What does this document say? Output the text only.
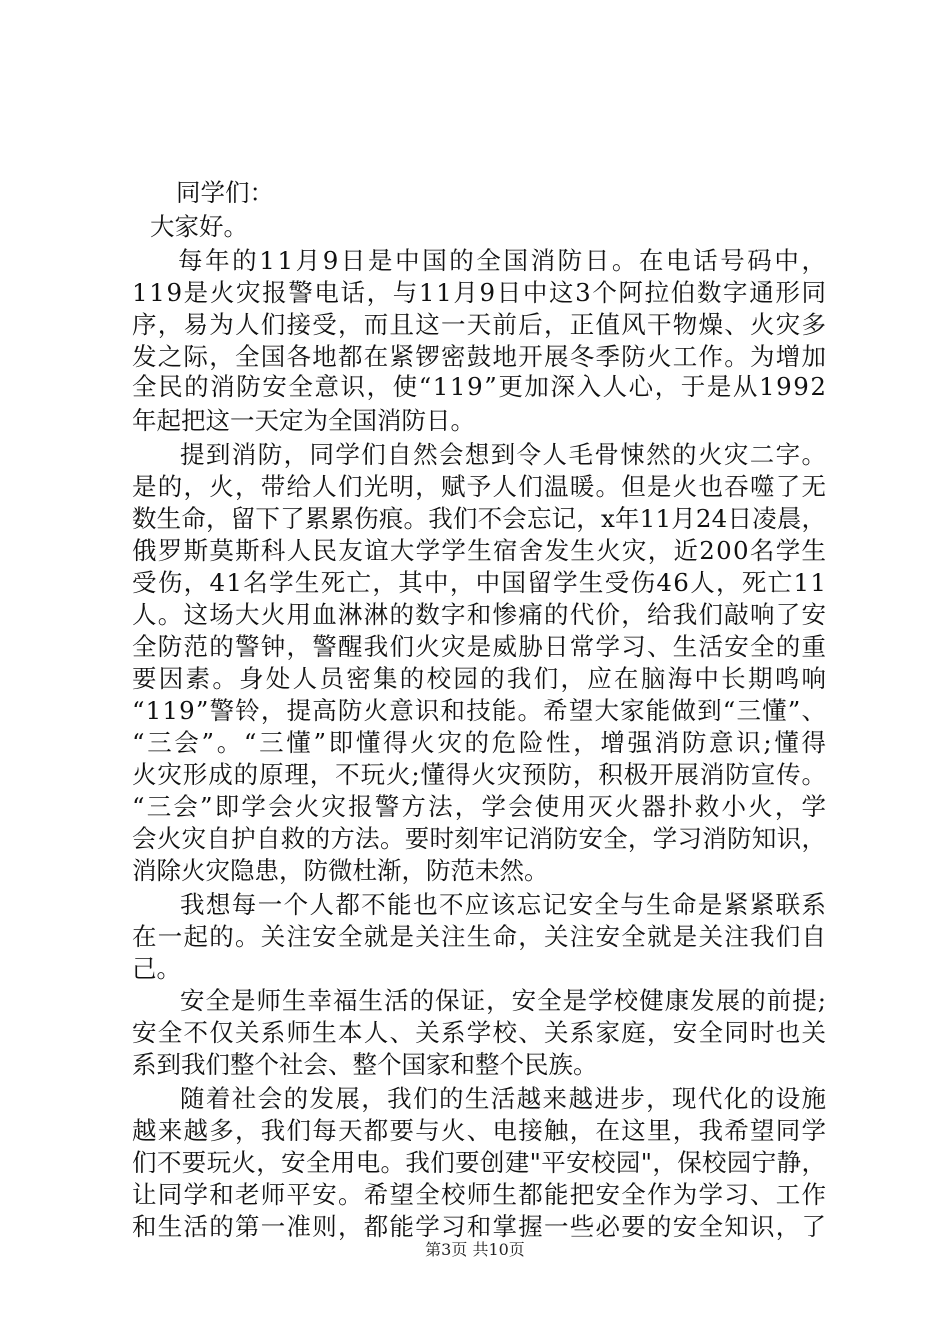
同学们：

大家好。

每年的11月9日是中国的全国消防日。在电话号码中，

119是火灾报警电话，与11月9日中这3个阿拉伯数字通形同

序，易为人们接受，而且这一天前后，正值风干物燥、火灾多

发之际，全国各地都在紧锣密鼓地开展冬季防火工作。为增加

全民的消防安全意识，使“119”更加深入人心，于是从1992

年起把这一天定为全国消防日。

提到消防，同学们自然会想到令人毛骨悚然的火灾二字。

是的，火，带给人们光明，赋予人们温暖。但是火也吞噬了无

数生命，留下了累累伤痕。我们不会忘记，x年11月24日凌晨，

俄罗斯莫斯科人民友谊大学学生宿舍发生火灾，近200名学生

受伤，41名学生死亡，其中，中国留学生受伤46人，死亡11

人。这场大火用血淋淋的数字和惨痛的代价，给我们敲响了安

全防范的警钟，警醒我们火灾是威胁日常学习、生活安全的重

要因素。身处人员密集的校园的我们，应在脑海中长期鸣响

“119”警铃，提高防火意识和技能。希望大家能做到“三懂”、

“三会”。“三懂”即懂得火灾的危险性，增强消防意识;懂得

火灾形成的原理，不玩火;懂得火灾预防，积极开展消防宣传。

“三会”即学会火灾报警方法，学会使用灭火器扑救小火，学

会火灾自护自救的方法。要时刻牢记消防安全，学习消防知识，

消除火灾隐患，防微杜渐，防范未然。

我想每一个人都不能也不应该忘记安全与生命是紧紧联系

在一起的。关注安全就是关注生命，关注安全就是关注我们自

己。

安全是师生幸福生活的保证，安全是学校健康发展的前提;

安全不仅关系师生本人、关系学校、关系家庭，安全同时也关

系到我们整个社会、整个国家和整个民族。

随着社会的发展，我们的生活越来越进步，现代化的设施

越来越多，我们每天都要与火、电接触，在这里，我希望同学

们不要玩火，安全用电。我们要创建"平安校园"，保校园宁静，

让同学和老师平安。希望全校师生都能把安全作为学习、工作

和生活的第一准则，都能学习和掌握一些必要的安全知识，了

第3页 共10页
